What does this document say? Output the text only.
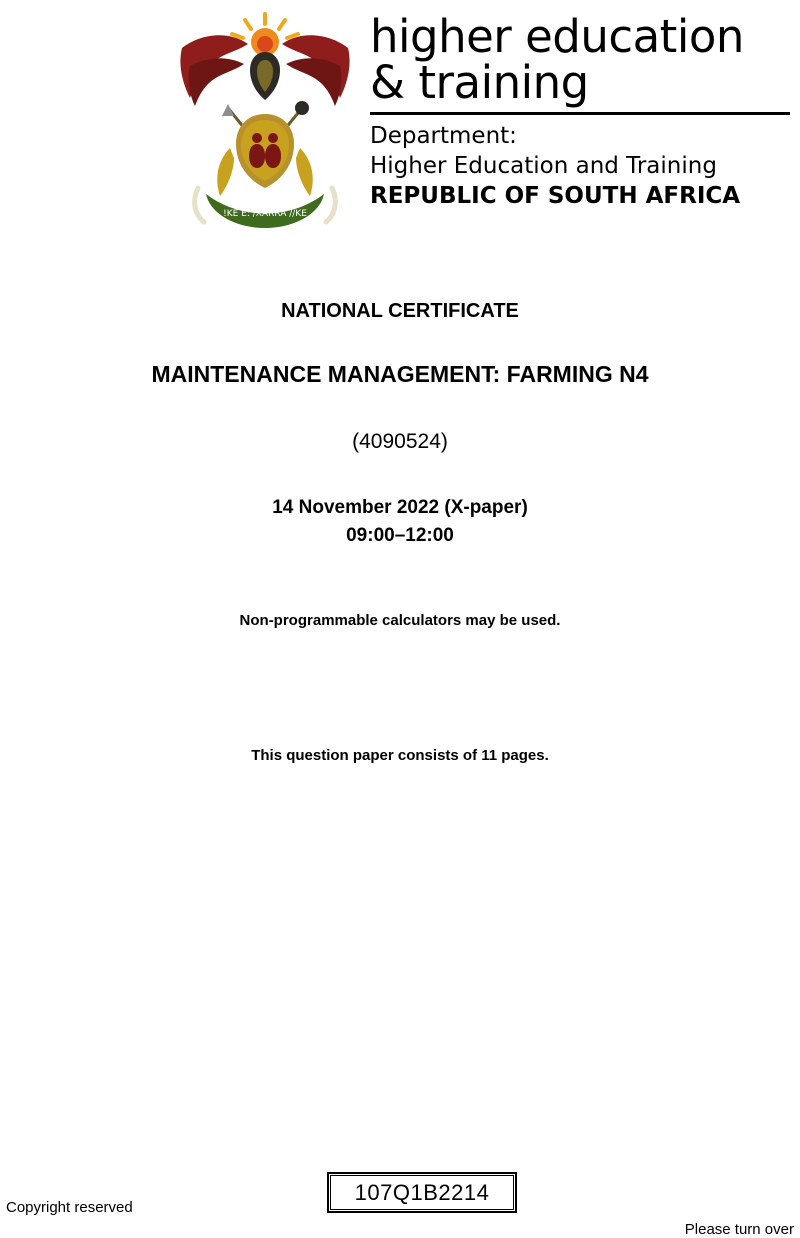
!KE E: /XARRA //KE
higher education
& training
Department:
Higher Education and Training
REPUBLIC OF SOUTH AFRICA
NATIONAL CERTIFICATE
MAINTENANCE MANAGEMENT: FARMING N4
(4090524)
14 November 2022 (X-paper)
09:00–12:00
Non-programmable calculators may be used.
This question paper consists of 11 pages.
107Q1B2214
Copyright reserved
Please turn over
